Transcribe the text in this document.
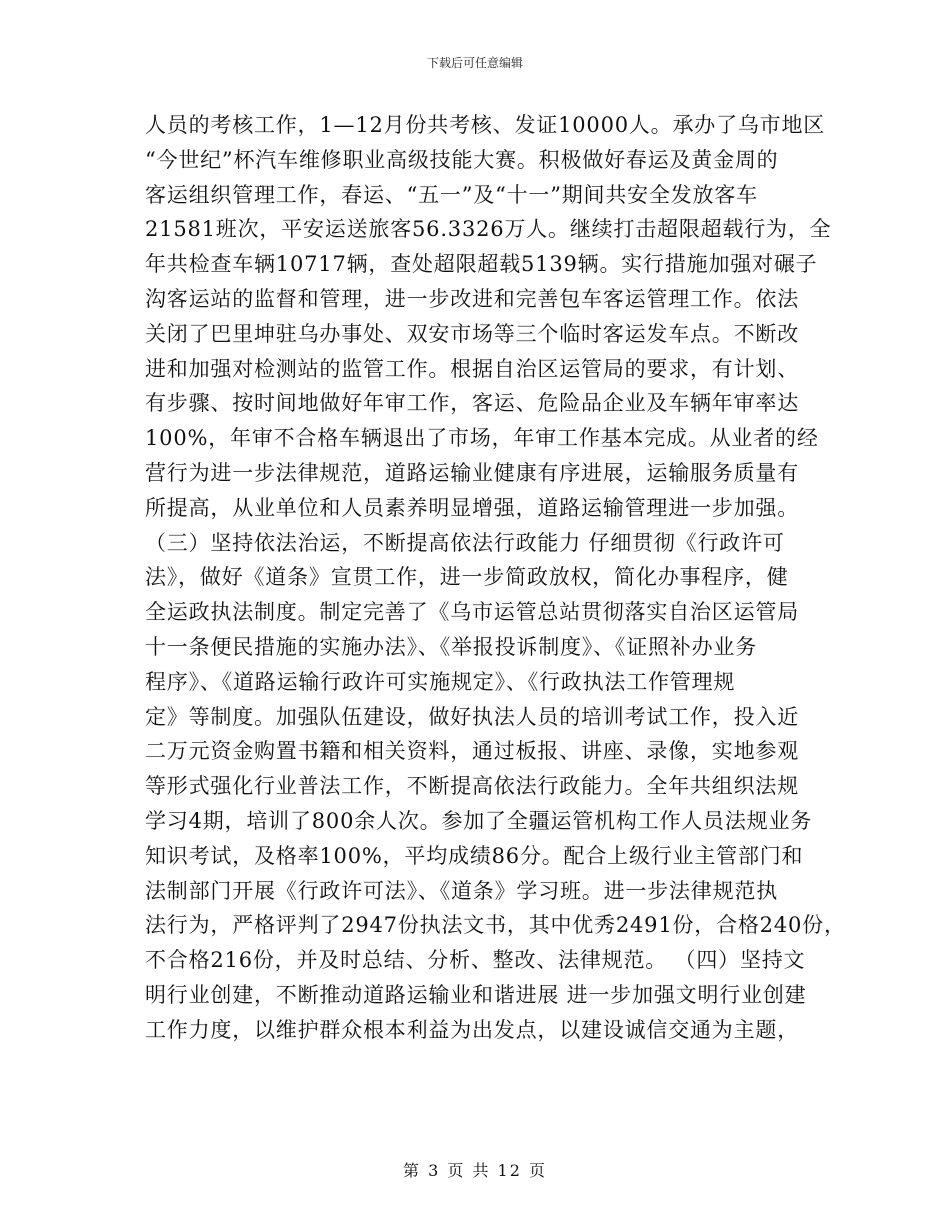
下载后可任意编辑
人员的考核工作，1—12月份共考核、发证10000人。承办了乌市地区
“今世纪”杯汽车维修职业高级技能大赛。积极做好春运及黄金周的
客运组织管理工作，春运、“五一”及“十一”期间共安全发放客车
21581班次，平安运送旅客56.3326万人。继续打击超限超载行为，全
年共检查车辆10717辆，查处超限超载5139辆。实行措施加强对碾子
沟客运站的监督和管理，进一步改进和完善包车客运管理工作。依法
关闭了巴里坤驻乌办事处、双安市场等三个临时客运发车点。不断改
进和加强对检测站的监管工作。根据自治区运管局的要求，有计划、
有步骤、按时间地做好年审工作，客运、危险品企业及车辆年审率达
100%，年审不合格车辆退出了市场，年审工作基本完成。从业者的经
营行为进一步法律规范，道路运输业健康有序进展，运输服务质量有
所提高，从业单位和人员素养明显增强，道路运输管理进一步加强。
（三）坚持依法治运，不断提高依法行政能力 仔细贯彻《行政许可
法》，做好《道条》宣贯工作，进一步简政放权，简化办事程序，健
全运政执法制度。制定完善了《乌市运管总站贯彻落实自治区运管局
十一条便民措施的实施办法》、《举报投诉制度》、《证照补办业务
程序》、《道路运输行政许可实施规定》、《行政执法工作管理规
定》等制度。加强队伍建设，做好执法人员的培训考试工作，投入近
二万元资金购置书籍和相关资料，通过板报、讲座、录像，实地参观
等形式强化行业普法工作，不断提高依法行政能力。全年共组织法规
学习4期，培训了800余人次。参加了全疆运管机构工作人员法规业务
知识考试，及格率100%，平均成绩86分。配合上级行业主管部门和
法制部门开展《行政许可法》、《道条》学习班。进一步法律规范执
法行为，严格评判了2947份执法文书，其中优秀2491份，合格240份，
不合格216份，并及时总结、分析、整改、法律规范。 （四）坚持文
明行业创建，不断推动道路运输业和谐进展 进一步加强文明行业创建
工作力度，以维护群众根本利益为出发点，以建设诚信交通为主题，
第 3 页 共 12 页
